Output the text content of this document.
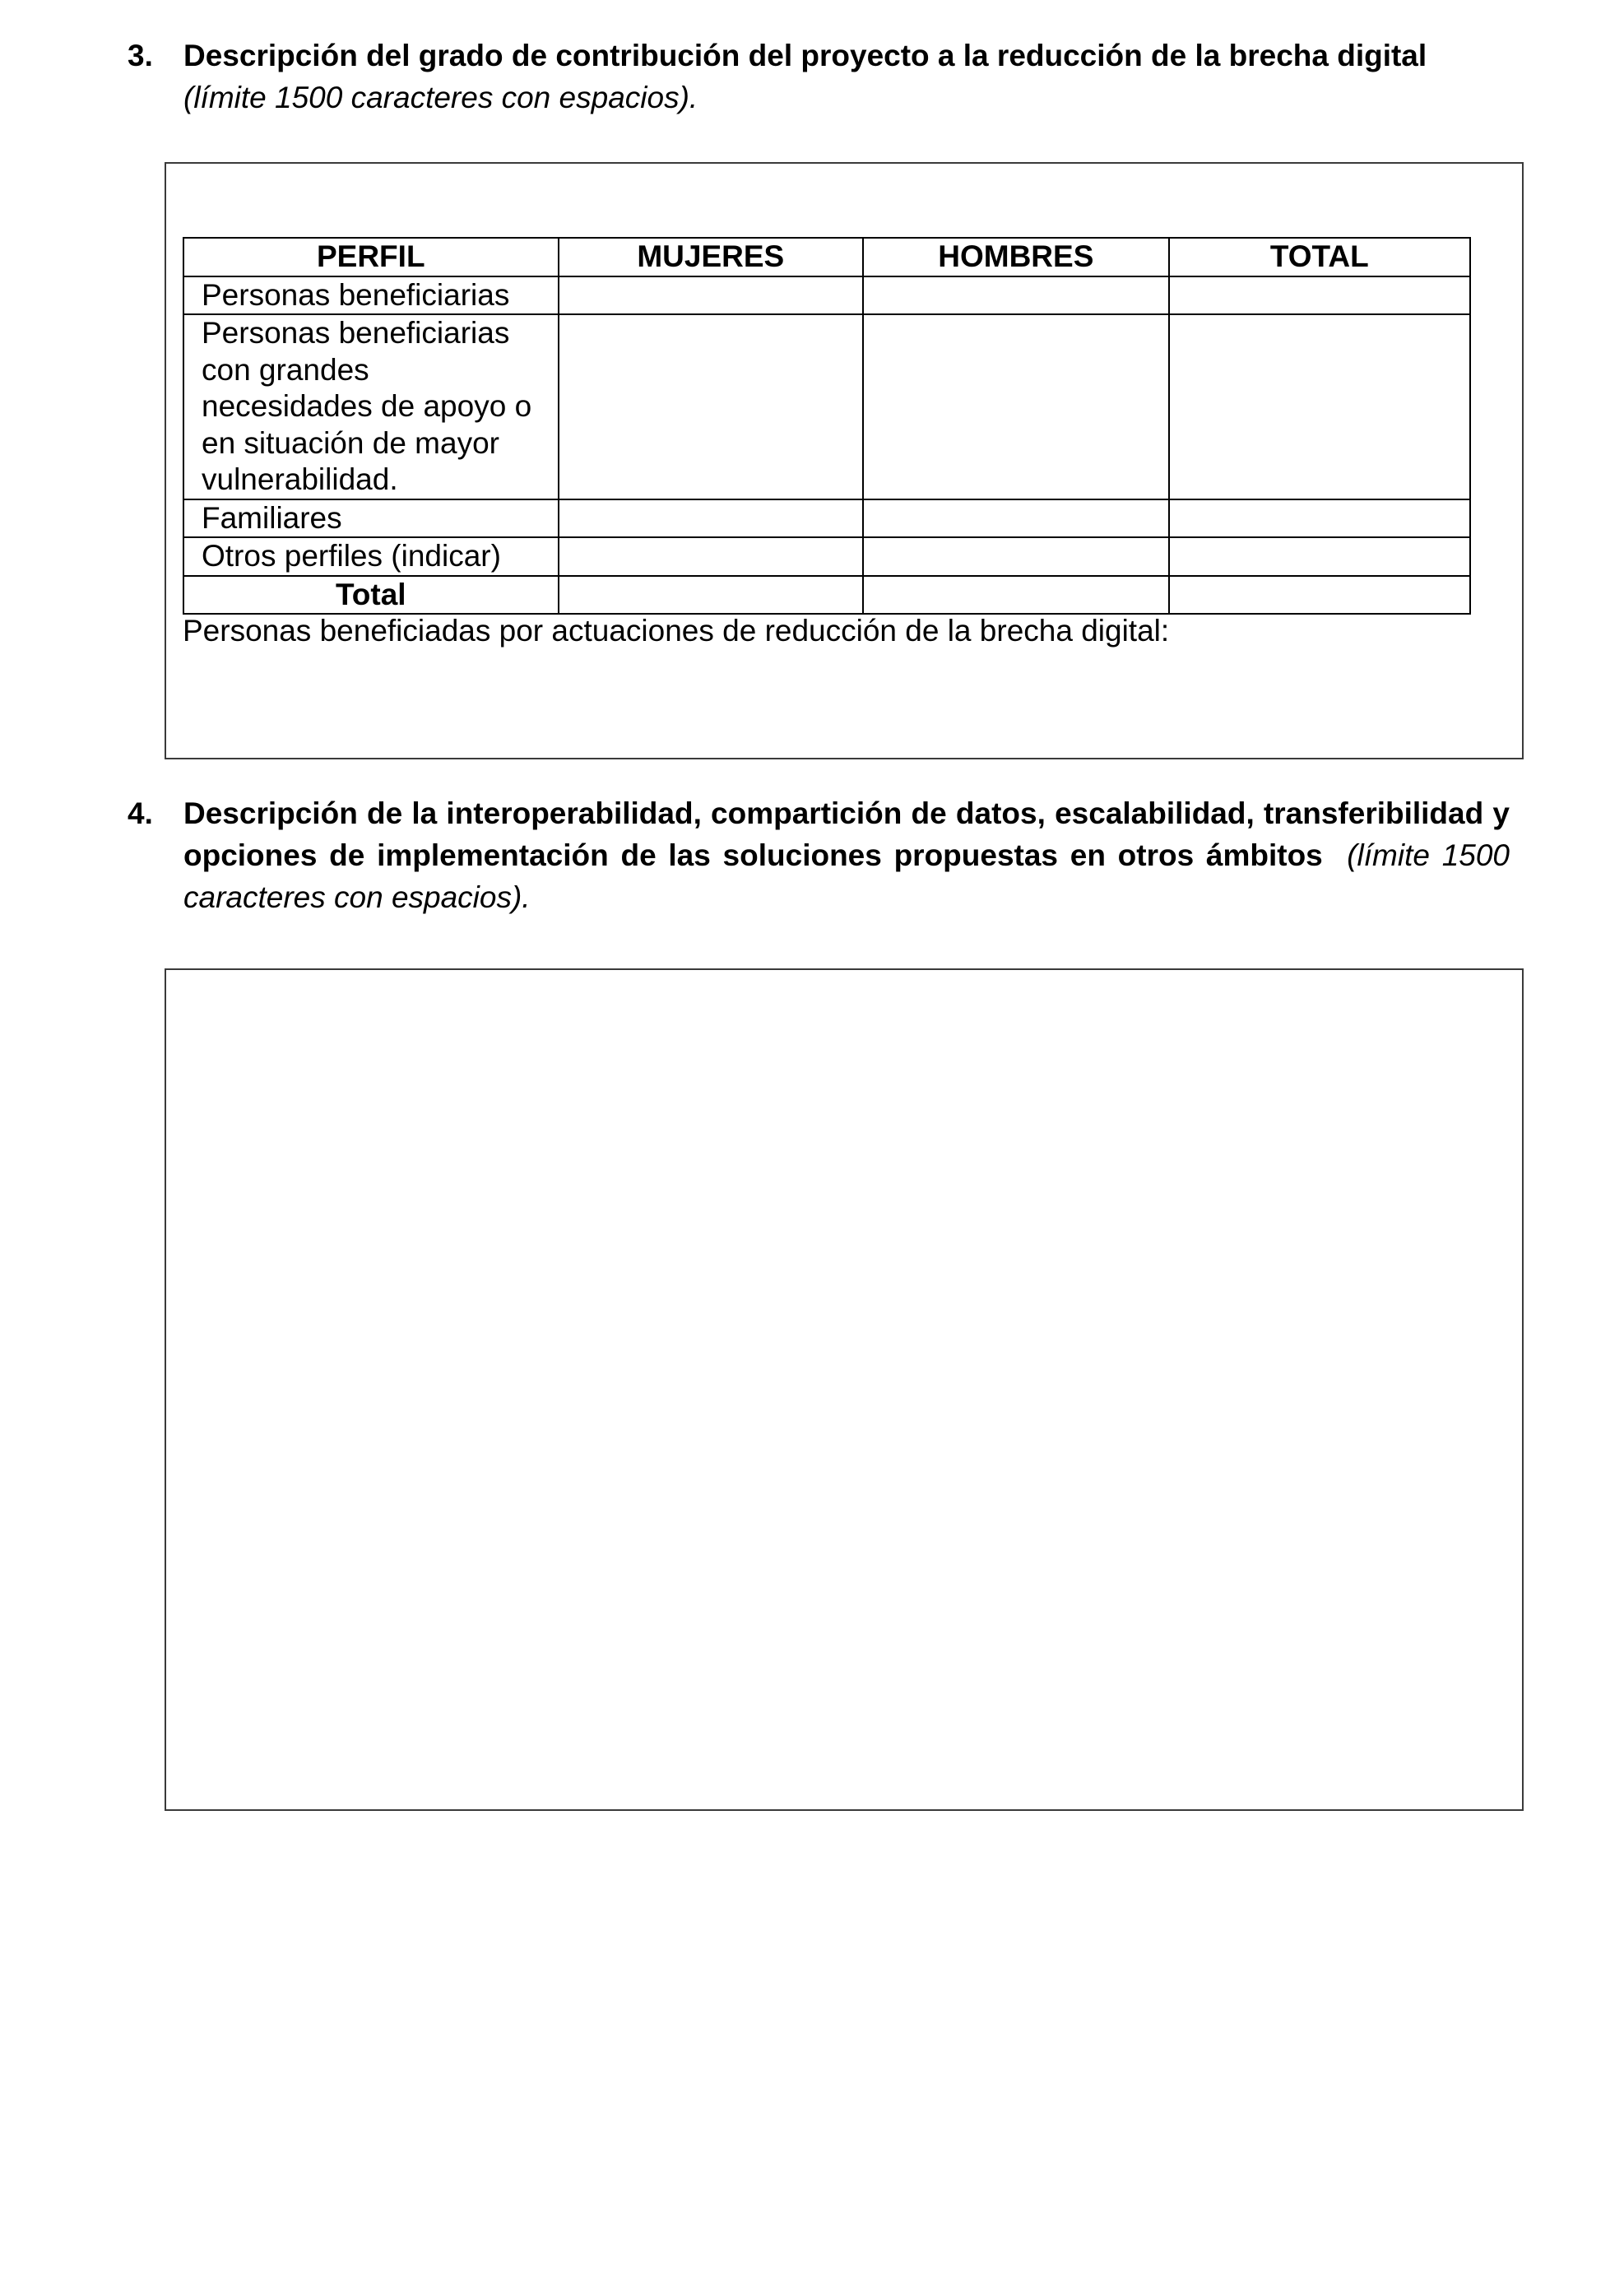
3. Descripción del grado de contribución del proyecto a la reducción de la brecha digital
(límite 1500 caracteres con espacios).
PERFIL	MUJERES	HOMBRES	TOTAL
Personas beneficiarias			
Personas beneficiarias con grandes necesidades de apoyo o en situación de mayor vulnerabilidad.			
Familiares			
Otros perfiles (indicar)			
Total			
Personas beneficiadas por actuaciones de reducción de la brecha digital:
4. Descripción de la interoperabilidad, compartición de datos, escalabilidad, transferibilidad y opciones de implementación de las soluciones propuestas en otros ámbitos (límite 1500 caracteres con espacios).
